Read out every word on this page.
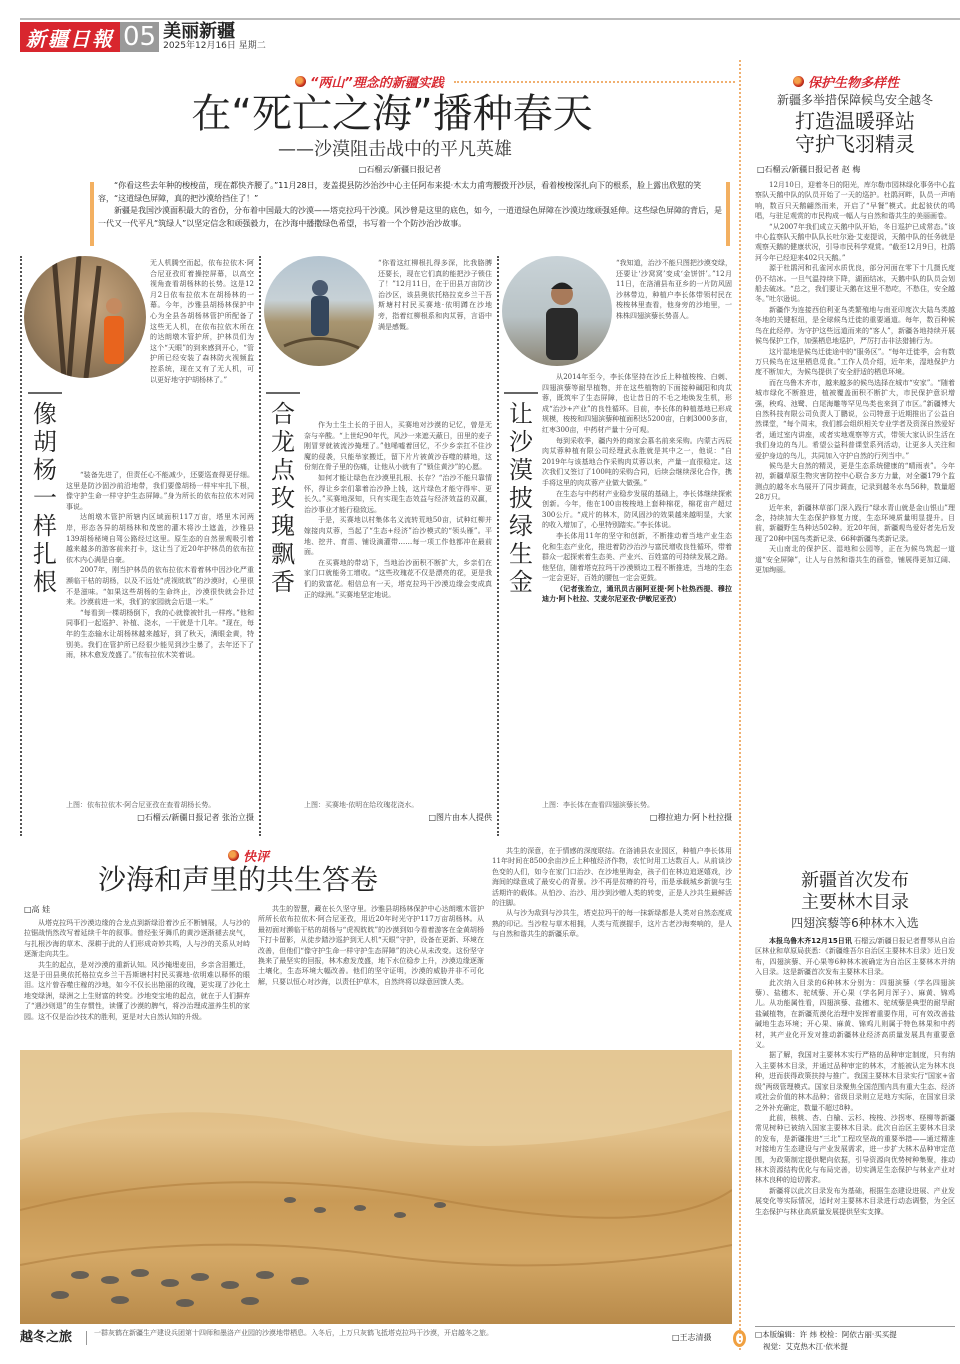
新疆日報 05 美丽新疆
2025年12月16日 星期二
“两山”理念的新疆实践
在“死亡之海”播种春天
——沙漠阻击战中的平凡英雄
□石榴云/新疆日报记者

“你看这些去年种的梭梭苗，现在都快齐腰了。”11月28日，麦盖提县防沙治沙中心主任阿布来提·木太力甫弯腰拨开沙层，看着梭梭深扎向下的根系，脸上露出欣慰的笑容，“这道绿色屏障，真的把沙漠给挡住了！”

新疆是我国沙漠面积最大的省份，分布着中国最大的沙漠——塔克拉玛干沙漠。风沙曾是这里的底色，如今，一道道绿色屏障在沙漠边缘顽强延伸。这些绿色屏障的背后，是一代又一代平凡“筑绿人”以坚定信念和顽强毅力，在沙海中播撒绿色希望，书写着一个个防沙治沙故事。

无人机腾空而起，依布拉依木·阿合尼亚孜盯着操控屏幕，以高空视角查看胡杨林的长势。这是12月2日依布拉依木在胡杨林的一幕。今年，沙雅县胡杨林保护中心为全县各胡杨林管护所配备了这些无人机，在依布拉依木所在的达朗墩木管护所，护林员们为这个“天眼”的到来感到开心，“管护所已经安装了森林防火视频监控系统，现在又有了无人机，可以更好地守护胡杨林了。”
像胡杨一样扎根

“装备先进了，但责任心不能减少，还要巡查得更仔细。这里是防沙固沙前沿地带，我们要像胡杨一样牢牢扎下根，像守护生命一样守护生态屏障。”身为所长的依布拉依木对同事说。

达朗墩木管护所辖内区域面积117万亩，塔里木河两岸，形态各异的胡杨林和茂密的灌木将沙土遮盖，沙雅县139胡杨秘境自驾公路经过这里。原生态的自然景观吸引着越来越多的游客前来打卡，这让当了近20年护林员的依布拉依木内心满是自豪。

2007年，刚当护林员的依布拉依木看着林中因沙化严重濒临干枯的胡杨，以及不远处“虎视眈眈”的沙漠时，心里很不是滋味。“如果这些胡杨的生命终止，沙漠很快就会扑过来。沙漠前进一米，我们的家园就会后退一米。”

“每看到一棵胡杨倒下，我的心就像被针扎一样疼。”他和同事们一起巡护、补植、浇水，一干就是十几年。“现在，每年的生态输水让胡杨林越来越好，到了秋天，满眼金黄，特别美。我们在管护所已经很少能见到沙尘暴了，去年还下了雨，林木愈发茂盛了。”依布拉依木笑着说。

上图：依布拉依木·阿合尼亚孜在查看胡杨长势。
□石榴云/新疆日报记者 张治立摄
“你看这红柳根扎得多深，比我胳膊还要长，现在它们真的能把沙子锁住了！”12月11日，在于田县万亩防沙治沙区，该县奥依托格拉克乡兰干吾斯塘村村民买赛地·依明蹲在沙地旁，指着红柳根系和肉苁蓉，言语中满是感慨。
合龙点玫瑰飘香

作为土生土长的于田人，买赛地对沙漠的记忆，曾是无奈与辛酸。“上世纪90年代，风沙一来遮天蔽日，田里的麦子刚冒芽就被流沙掩埋了。”他唏嘘着回忆，不少乡亲扛不住沙魔的侵袭，只能举家搬迁，留下片片被黄沙吞噬的耕地，这份刻在骨子里的伤痛，让他从小就有了“锁住黄沙”的心愿。

如何才能让绿色在沙漠里扎根、长存？“治沙不能只靠情怀，得让乡亲们靠着治沙挣上钱，这片绿色才能守得牢、更长久。”买赛地深知，只有实现生态效益与经济效益的双赢，治沙事业才能行稳致远。

于是，买赛地以村集体名义流转荒地50亩，试种红柳并嫁接肉苁蓉，当起了“生态+经济”治沙模式的“领头雁”。平地、挖井、育苗、铺设滴灌带……每一项工作他都冲在最前面。

在买赛地的带动下，当地治沙面积不断扩大，乡亲们在家门口就能务工增收。“这些玫瑰花不仅是漂亮的花，更是我们的致富花。相信总有一天，塔克拉玛干沙漠边缘会变成真正的绿洲。”买赛地坚定地说。

上图：买赛地·依明在给玫瑰花浇水。
□图片由本人提供
“我知道，治沙不能只图把沙漠变绿，还要让‘沙窝窝’变成‘金饼饼’。”12月11日，在洛浦县布亚乡的一片防风固沙林带边，种植户李长体带领村民在梭梭林里查看，他身旁的沙地里，一株株四翅滨藜长势喜人。
让沙漠披绿生金

从2014年至今，李长体坚持在沙丘上种植梭梭、白刺、四翅滨藜等耐旱植物，并在这些植物的下面接种碱阳和肉苁蓉，既筑牢了生态屏障，也让昔日的不毛之地焕发生机，形成“治沙+产业”的良性循环。目前，李长体的种植基地已形成规模，梭梭和四翅滨藜种植面积达5200亩，白刺3000多亩，红枣300亩，中药材产量十分可观。

每到采收季，疆内外的商家会慕名前来采购。内蒙古丙辰肉苁蓉种植有限公司经理武永胜就是其中之一，他说：“自2019年与该基地合作采购肉苁蓉以来，产量一直很稳定。这次我们又签订了100吨的采购合同，后续会继续深化合作，携手将这里的肉苁蓉产业做大做强。”

在生态与中药材产业稳步发展的基础上，李长体继续探索创新。今年，他在100亩梭梭地上套种棉花，棉花亩产超过300公斤。“成片的林木，防风固沙的效果越来越明显，大家的收入增加了，心里特别踏实。”李长体说。

李长体用11年的坚守和创新，不断推动着当地产业生态化和生态产业化，推进着防沙治沙与富民增收良性循环，带着群众一起探索着生态美、产业兴、百姓富的可持续发展之路。他坚信，随着塔克拉玛干沙漠锁边工程不断推进，当地的生态一定会更好，百姓的腰包一定会更鼓。

（记者张治立，通讯员古丽阿亚提·阿卜杜热西提、穆拉迪力·阿卜杜拉、艾麦尔尼亚孜·伊敏尼亚孜）

上图：李长体在查看四翅滨藜长势。
□穆拉迪力·阿卜杜拉摄
快评
沙海和声里的共生答卷
□高 娃

从塔克拉玛干沙漠边缘的合龙点到新绿沿着沙丘不断铺展，人与沙的拉锯战悄然改写着延续千年的叙事。曾经张牙舞爪的黄沙逐渐褪去戾气，与扎根沙海的草木、深耕于此的人们形成奇妙共鸣，人与沙的关系从对峙逐渐走向共生。

共生的起点，是对沙漠的重新认知。风沙掩埋麦田，乡亲含泪搬迁，这是于田县奥依托格拉克乡兰干吾斯塘村村民买赛地·依明难以释怀的眼泪。这片曾吞噬庄稼的沙地，如今不仅长出艳丽的玫瑰，更实现了沙化土地变绿洲，绿洲之上生财富的转变。沙地变宝地的起点，就在于人们摒弃了“遇沙则退”的生存惯性，读懂了沙漠的脾气，将沙治理成滋养生机的家园。这不仅是治沙技术的胜利，更是对大自然认知的升级。

共生的智慧，藏在长久坚守里。沙雅县胡杨林保护中心达朗墩木管护所所长依布拉依木·阿合尼亚孜，用近20年时光守护117万亩胡杨林。从最初面对濒临干枯的胡杨与“虎视眈眈”的沙漠到如今看着游客在金黄胡杨下打卡留影，从徒步踏沙巡护到无人机“天眼”守护，设备在更新、环境在改善，但他们“像守护生命一样守护生态屏障”的决心从未改变。这份坚守换来了最坚实的回报，林木愈发茂盛，地下水位稳步上升，沙漠边缘逐渐土壤化，生态环境大幅改善。他们的坚守证明，沙漠的威胁并非不可化解，只要以恒心对沙海，以责任护草木，自然终将以绿意回馈人类。

共生的深意，在于情感的深度联结。在洛浦县农业园区，种植户李长体用11年时间在8500余亩沙丘上种植经济作物，农忙时用工达数百人。从前谈沙色变的人们，如今在家门口治沙、在沙地里淘金，孩子们在林边追逐嬉戏，沙海间的绿意成了最安心的背景。沙不再是贫瘠的符号，而是承载城乡新貌与生活期许的载体。从怕沙、治沙、用沙到沙赠人类的转变，正是人沙共生最鲜活的注脚。

从与沙为敌到与沙共生，塔克拉玛干的每一抹新绿都是人类对自然态度成熟的印记。当沙粒与草木相拥，人类与荒漠握手，这片古老沙海奏响的，是人与自然和谐共生的新疆乐章。

越冬之旅	一群灰鹤在新疆生产建设兵团第十四师和墨洛产业园的沙漠地带栖息。入冬后，上万只灰鹤飞抵塔克拉玛干沙漠，开启越冬之旅。	□王志清摄
保护生物多样性
新疆多举措保障候鸟安全越冬
打造温暖驿站
守护飞羽精灵
□石榴云/新疆日报记者 赵 梅

12月10日，迎着冬日的阳光，库尔勒市园林绿化事务中心监察队天鹅中队的队员开始了一天的巡护。杜鹃河畔，队员一声哨响，数百只天鹅翩然而来，开启了“早餐”模式。此起彼伏的鸣唱，与驻足观赏的市民构成一幅人与自然和谐共生的美丽画卷。

“从2007年我们成立天鹅中队开始，冬日巡护已成常态。”该中心监察队天鹅中队队长吐尔逊·艾麦提说，天鹅中队的任务就是观察天鹅的健康状况，引导市民科学观赏。“截至12月9日，杜鹃河今年已经迎来402只天鹅。”

源于杜鹃河和孔雀河水质优良，部分河面在零下十几摄氏度仍不结冰。一旦气温持续下降，湖面结冰，天鹅中队的队员会划船去破冰。“总之，我们要让天鹅在这里不愁吃，不愁住，安全越冬。”吐尔逊说。

新疆作为连接西伯利亚鸟类繁殖地与南亚印度次大陆鸟类越冬地的关键枢纽，是全球候鸟迁徙的重要通道。每年，数百种候鸟在此经停。为守护这些远道而来的“客人”，新疆各地持续开展候鸟保护工作，加强栖息地巡护，严厉打击非法猎捕行为。

这片湿地是候鸟迁徙途中的“服务区”。“每年迁徙季，会有数万只候鸟在这里栖息觅食。”工作人员介绍，近年来，湿地保护力度不断加大，为候鸟提供了安全舒适的栖息环境。

而在乌鲁木齐市，越来越多的候鸟选择在城市“安家”。“随着城市绿化不断推进，植被覆盖面积不断扩大，市民保护意识增强，秧鸡、池鹭、白尾海雕等罕见鸟类也来到了市区。”新疆博大自然科技有限公司负责人丁鹏说，公司特意于近期推出了公益自然课堂，“每个周末，我们都会组织相关专业学者及资深自然爱好者，通过室内讲座，或者实地观察等方式，带领大家认识生活在我们身边的鸟儿。希望公益科普课堂系列活动，让更多人关注和爱护身边的鸟儿，共同加入守护自然的行列当中。”

候鸟是大自然的精灵，更是生态系统健康的“晴雨表”。今年初，新疆草原生物灾害防控中心联合多方力量，对全疆179个监测点的越冬水鸟展开了同步调查，记录到越冬水鸟56种，数量超28万只。

近年来，新疆林草部门深入践行“绿水青山就是金山银山”理念，持续加大生态保护修复力度，生态环境质量明显提升。目前，新疆野生鸟种达502种。近20年间，新疆观鸟爱好者先后发现了20种中国鸟类新记录、66种新疆鸟类新记录。

天山南北的保护区、湿地和公园等，正在为候鸟筑起一道道“安全屏障”，让人与自然和谐共生的画卷，铺展得更加辽阔、更加绚丽。

新疆首次发布
主要林木目录
四翅滨藜等6种林木入选

本报乌鲁木齐12月15日讯 石榴云/新疆日报记者曹琴从自治区林业和草原局获悉：《新疆维吾尔自治区主要林木目录》近日发布，四翅滨藜、开心果等6种林木被确定为自治区主要林木并纳入目录。这是新疆首次发布主要林木目录。

此次纳入目录的6种林木分别为：四翅滨藜（学名四翅滨藜）、盐穗木、驼绒藜、开心果（学名阿月浑子）、麻黄、锦鸡儿。从功能属性看，四翅滨藜、盐穗木、驼绒藜是典型的耐旱耐盐碱植物，在新疆荒漠化治理中发挥着重要作用，可有效改善盐碱地生态环境；开心果、麻黄、锦鸡儿则属于特色林果和中药材，其产业化开发对推动新疆林业经济高质量发展具有重要意义。

据了解，我国对主要林木实行严格的品种审定制度，只有纳入主要林木目录，并通过品种审定的林木，才能被认定为林木良种，进而获得政策扶持与推广。我国主要林木目录实行“国家+省级”两级管理模式。国家目录聚焦全国范围内具有重大生态、经济或社会价值的林木品种；省级目录则立足地方实际，在国家目录之外补充确定，数量不超过8种。

此前，核桃、杏、白榆、云杉、梭梭、沙拐枣、柽柳等新疆常见树种已被纳入国家主要林木目录。此次自治区主要林木目录的发布，是新疆推进“三北”工程攻坚战的重要举措——通过精准对接地方生态建设与产业发展需求，进一步扩大林木品种审定范围，为政策制定提供靶向依据，引导资源向优势树种集聚，推动林木资源结构优化与布局完善，切实满足生态保护与林业产业对林木良种的迫切需求。

新疆将以此次目录发布为基础，根据生态建设进展、产业发展变化等实际情况，适时对主要林木目录进行动态调整，为全区生态保护与林业高质量发展提供坚实支撑。

□本版编辑：许 炜 校检：阿依古丽·买买提
视觉：艾克热木江·依米提
